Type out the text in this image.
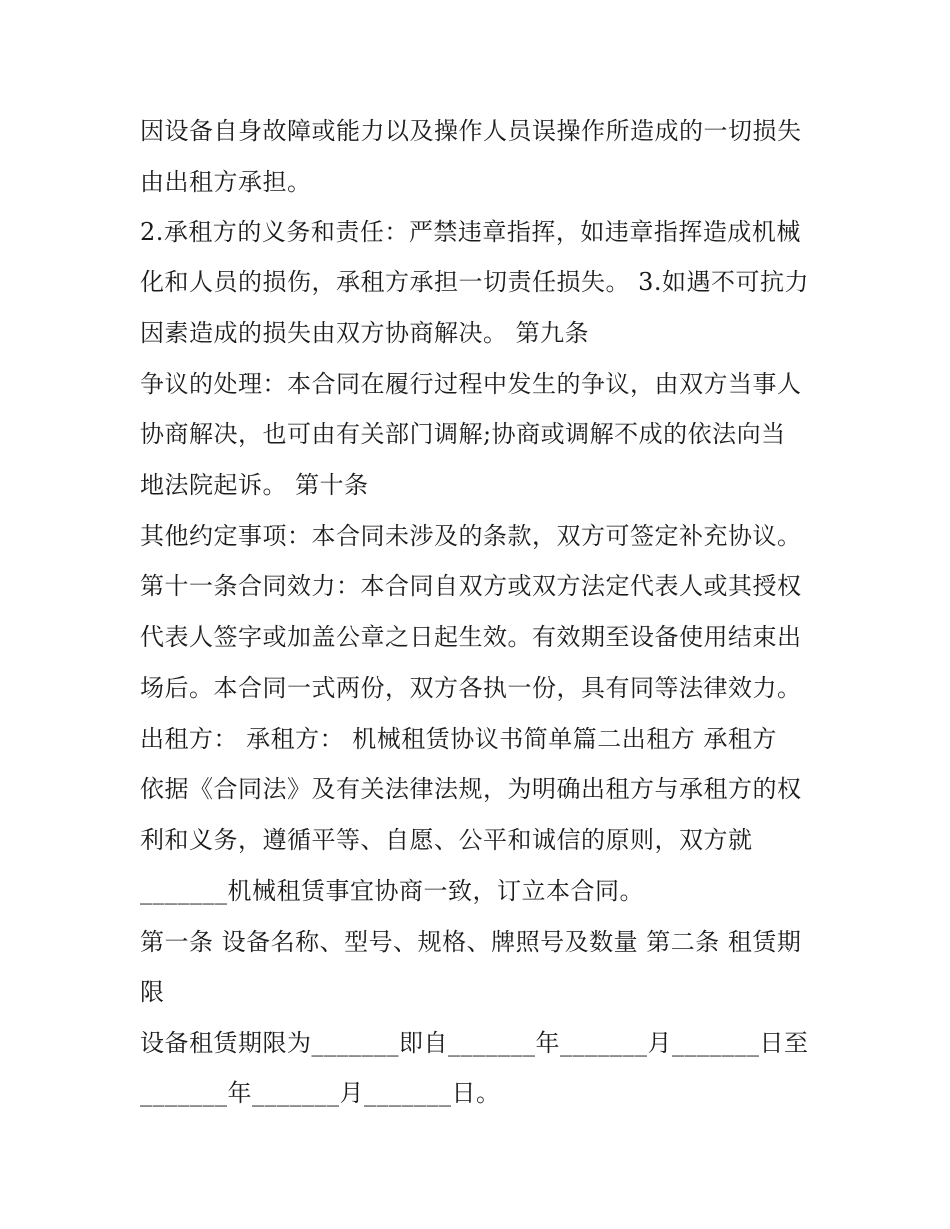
因设备自身故障或能力以及操作人员误操作所造成的一切损失
由出租方承担。
2.承租方的义务和责任：严禁违章指挥，如违章指挥造成机械
化和人员的损伤，承租方承担一切责任损失。 3.如遇不可抗力
因素造成的损失由双方协商解决。 第九条
争议的处理：本合同在履行过程中发生的争议，由双方当事人
协商解决，也可由有关部门调解;协商或调解不成的依法向当
地法院起诉。 第十条
其他约定事项：本合同未涉及的条款，双方可签定补充协议。
第十一条合同效力：本合同自双方或双方法定代表人或其授权
代表人签字或加盖公章之日起生效。有效期至设备使用结束出
场后。本合同一式两份，双方各执一份，具有同等法律效力。
出租方： 承租方： 机械租赁协议书简单篇二出租方 承租方
依据《合同法》及有关法律法规，为明确出租方与承租方的权
利和义务，遵循平等、自愿、公平和诚信的原则，双方就
_______机械租赁事宜协商一致，订立本合同。
第一条 设备名称、型号、规格、牌照号及数量 第二条 租赁期
限
设备租赁期限为_______即自_______年_______月_______日至
_______年_______月_______日。
